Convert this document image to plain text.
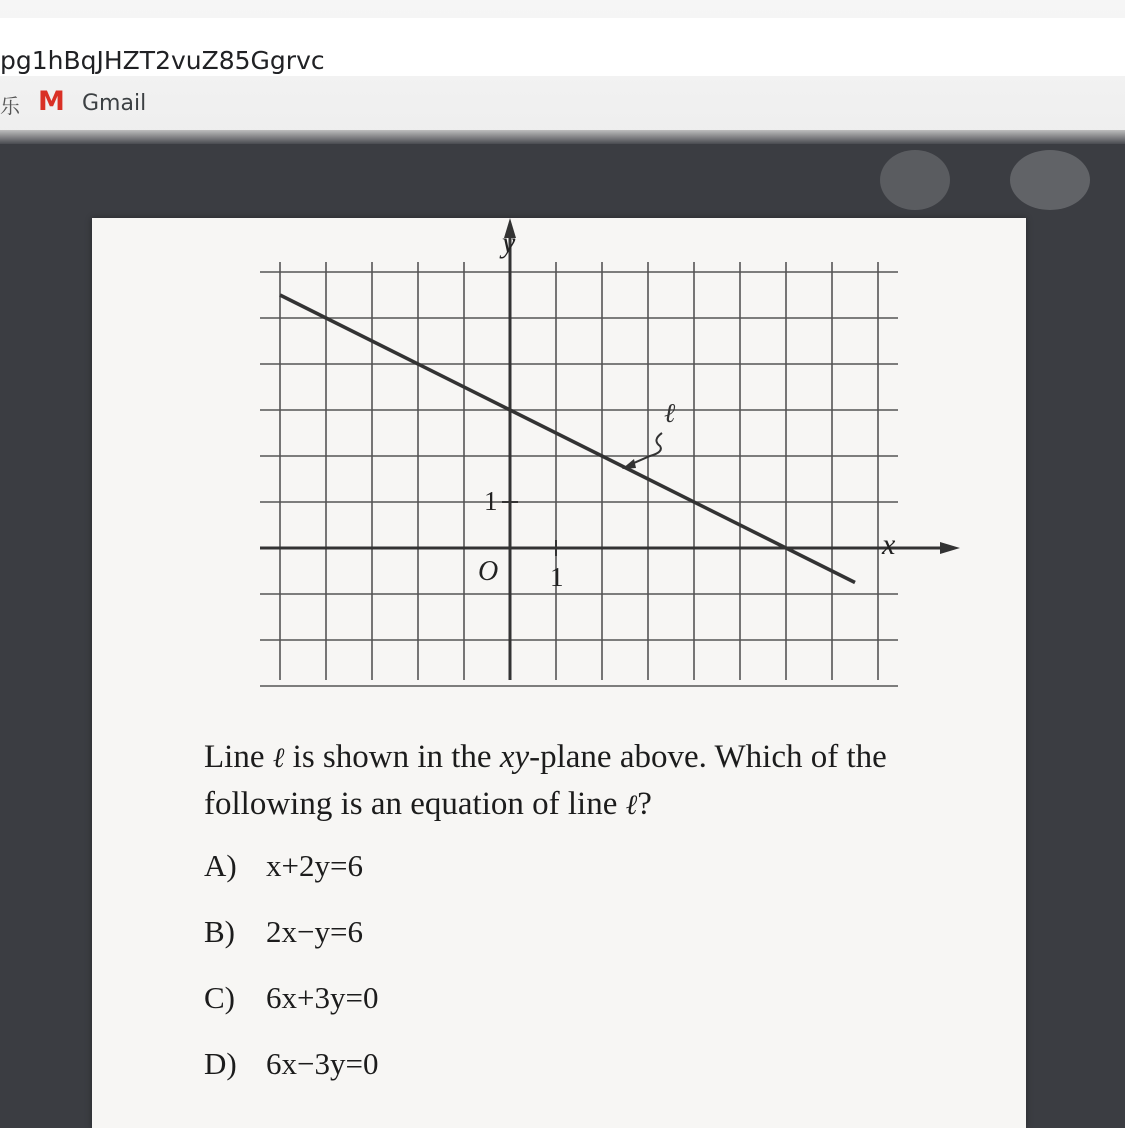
pg1hBqJHZT2vuZ85Ggrvc
乐 M Gmail
ℓ
x
y
O 1
1
Line ℓ is shown in the xy-plane above. Which of the following is an equation of line ℓ?
A) x+2y=6
B)	2x−y=6
C)	6x+3y=0
D) 6x−3y=0
